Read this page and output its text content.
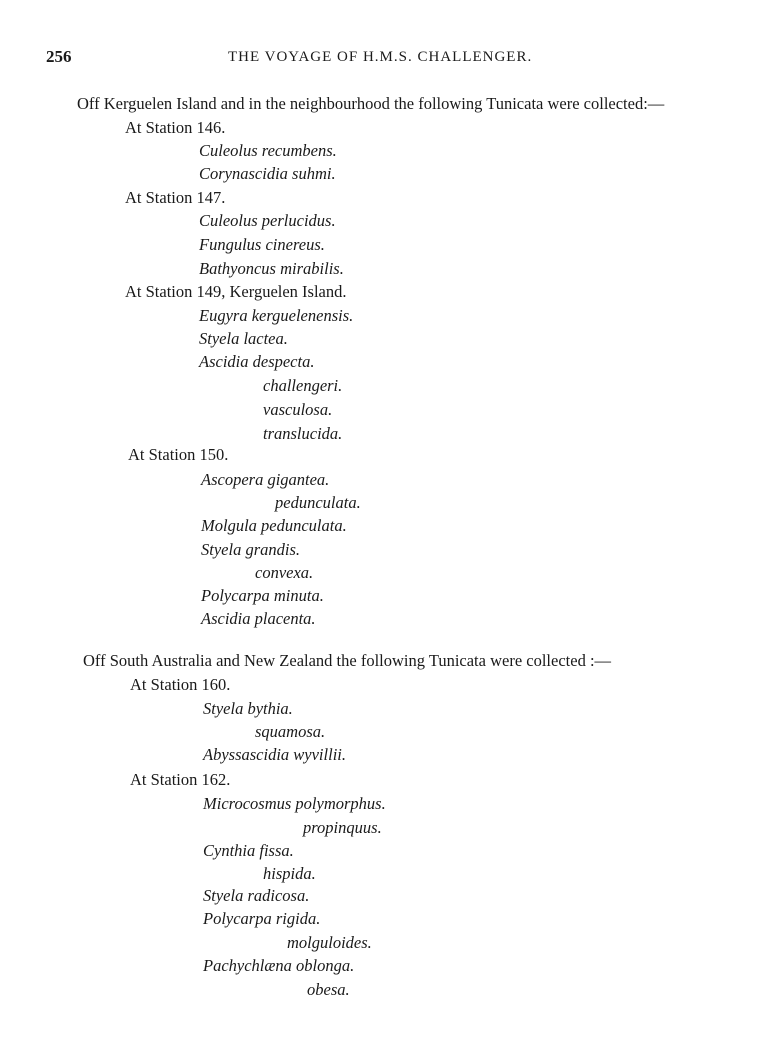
256	THE VOYAGE OF H.M.S. CHALLENGER.
Off Kerguelen Island and in the neighbourhood the following Tunicata were collected:—
At Station 146.
Culeolus recumbens.
Corynascidia suhmi.
At Station 147.
Culeolus perlucidus.
Fungulus cinereus.
Bathyoncus mirabilis.
At Station 149, Kerguelen Island.
Eugyra kerguelenensis.
Styela lactea.
Ascidia despecta.
challengeri.
vasculosa.
translucida.
At Station 150.
Ascopera gigantea.
pedunculata.
Molgula pedunculata.
Styela grandis.
convexa.
Polycarpa minuta.
Ascidia placenta.
Off South Australia and New Zealand the following Tunicata were collected :—
At Station 160.
Styela bythia.
squamosa.
Abyssascidia wyvillii.
At Station 162.
Microcosmus polymorphus.
propinquus.
Cynthia fissa.
hispida.
Styela radicosa.
Polycarpa rigida.
molguloides.
Pachychlæna oblonga.
obesa.
